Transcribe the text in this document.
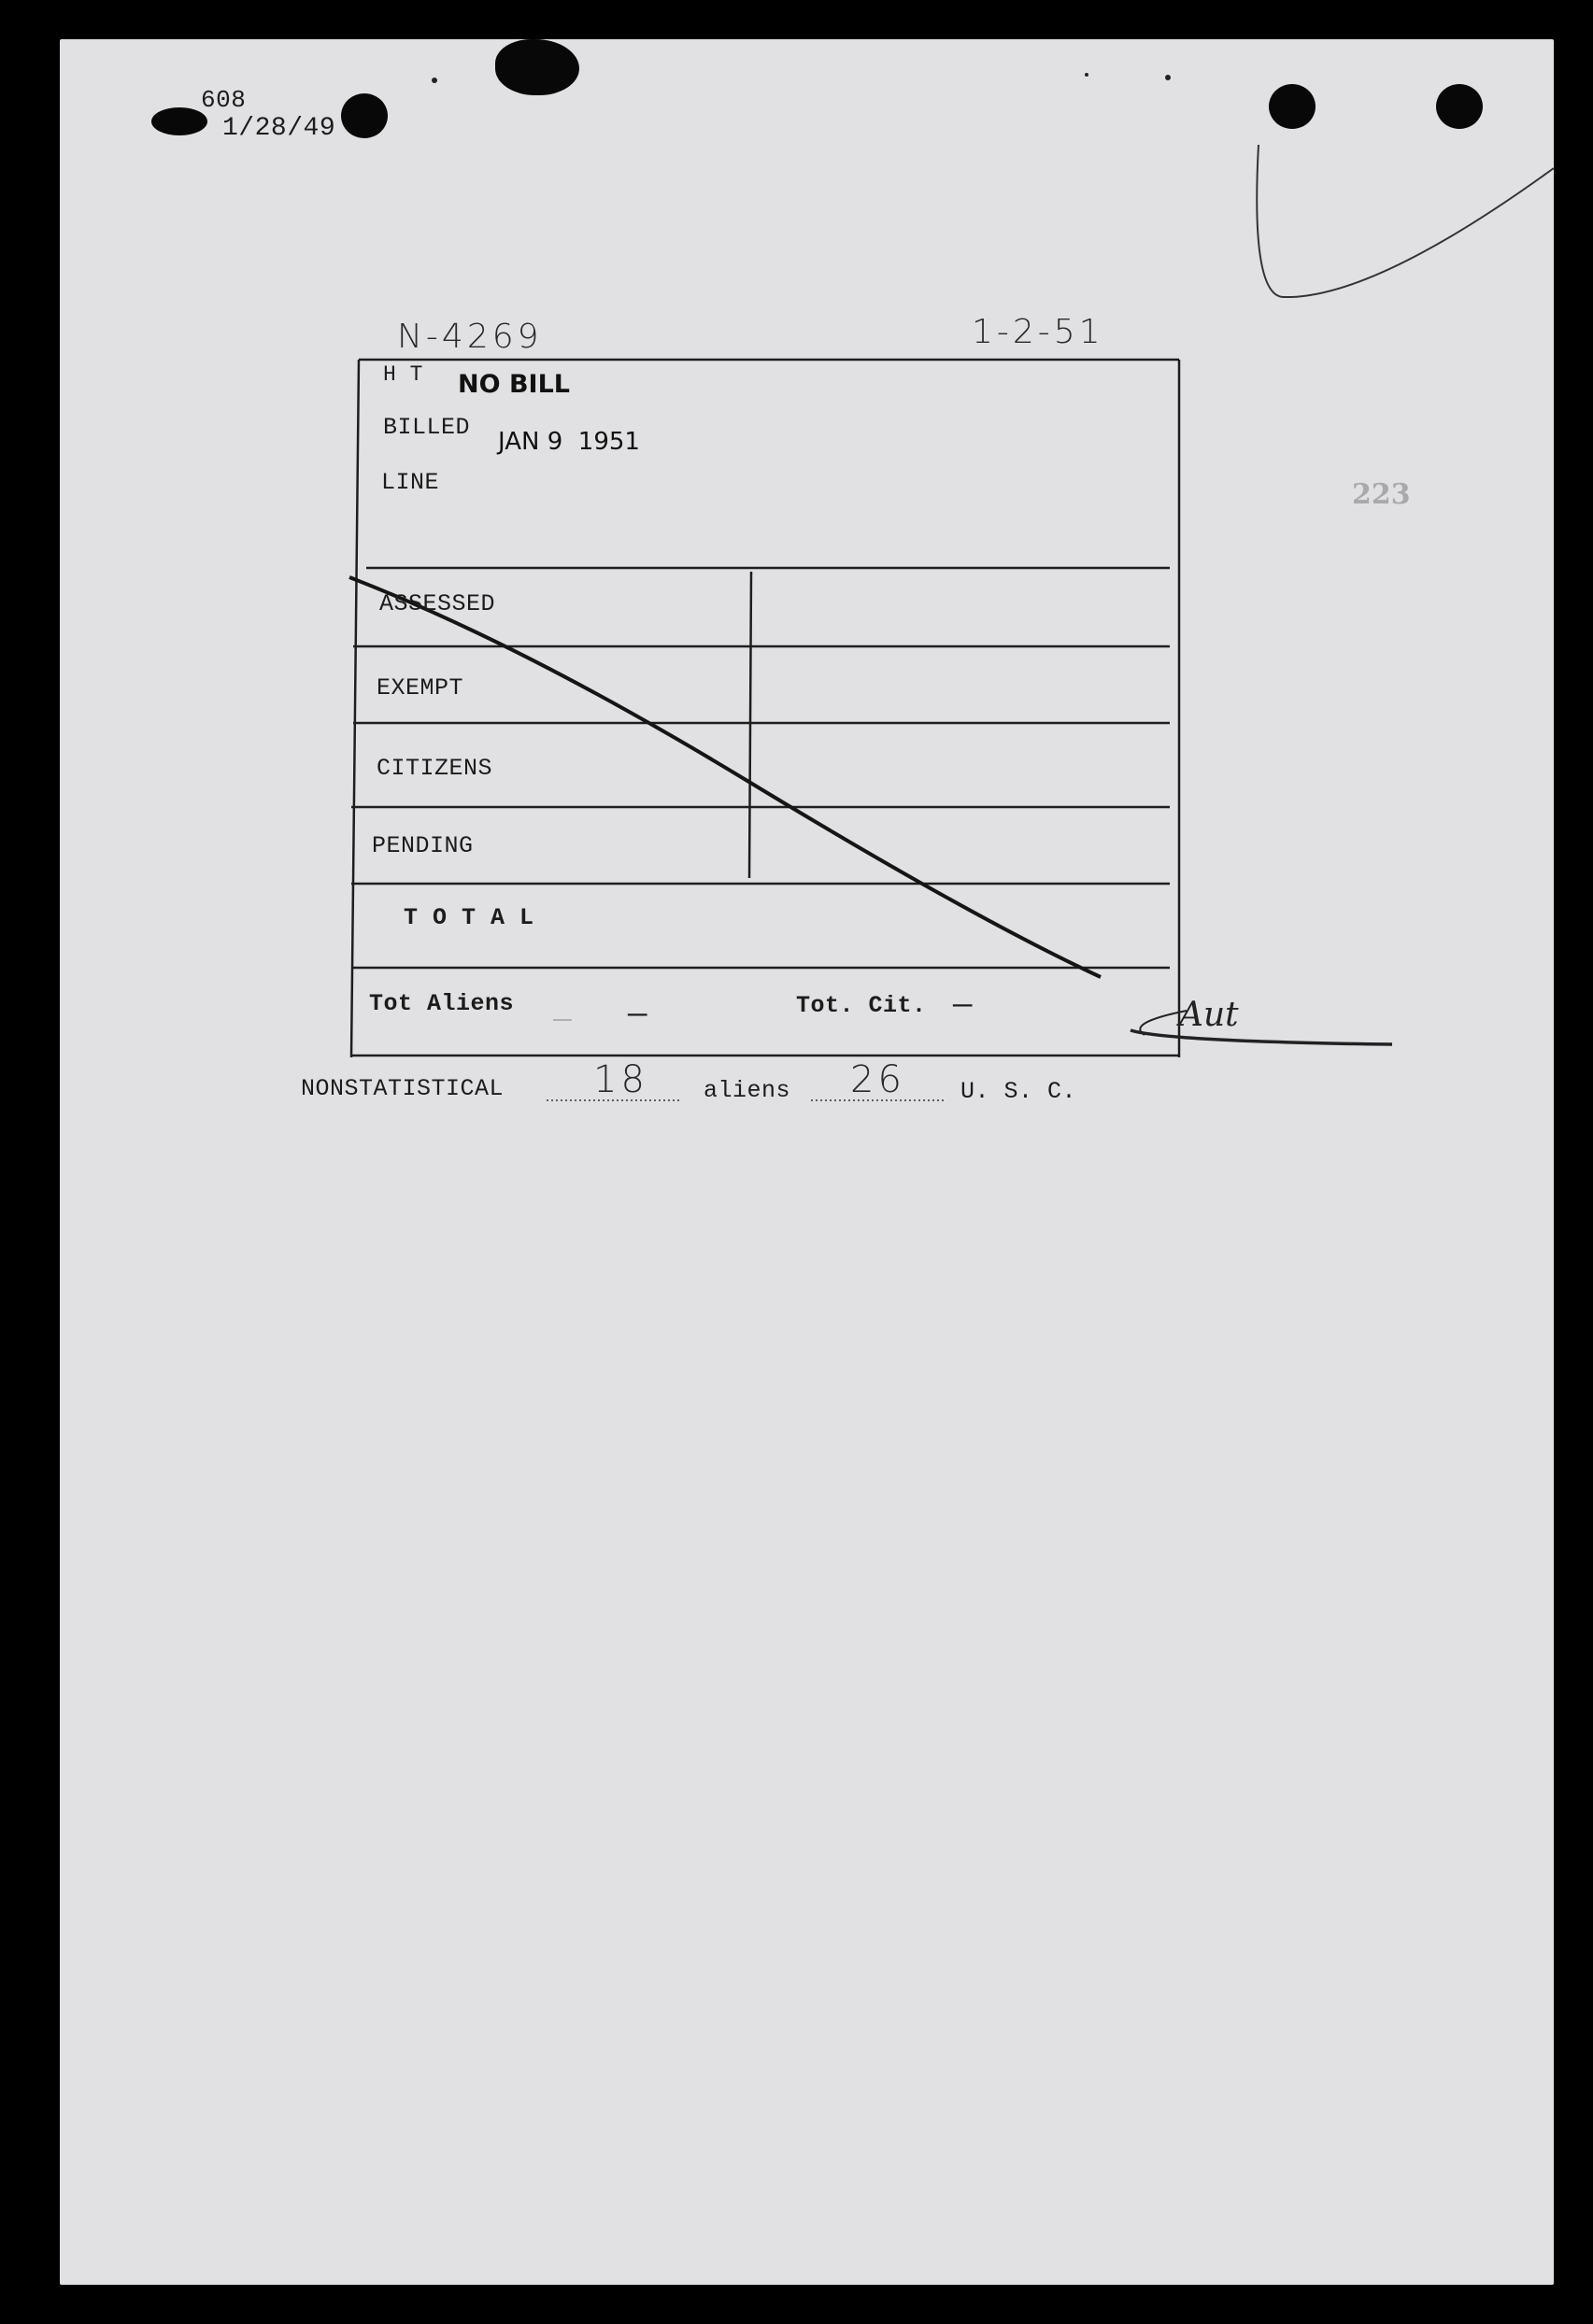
608
1/28/49
N-4269	1-2-51
223
H T NO BILL
BILLED
JAN 9  1951
LINE
ASSESSED
EXEMPT
CITIZENS
PENDING
T O T A L
Tot Aliens	—	Tot. Cit. —	Aut
NONSTATISTICAL 18 aliens 26 U. S. C.
